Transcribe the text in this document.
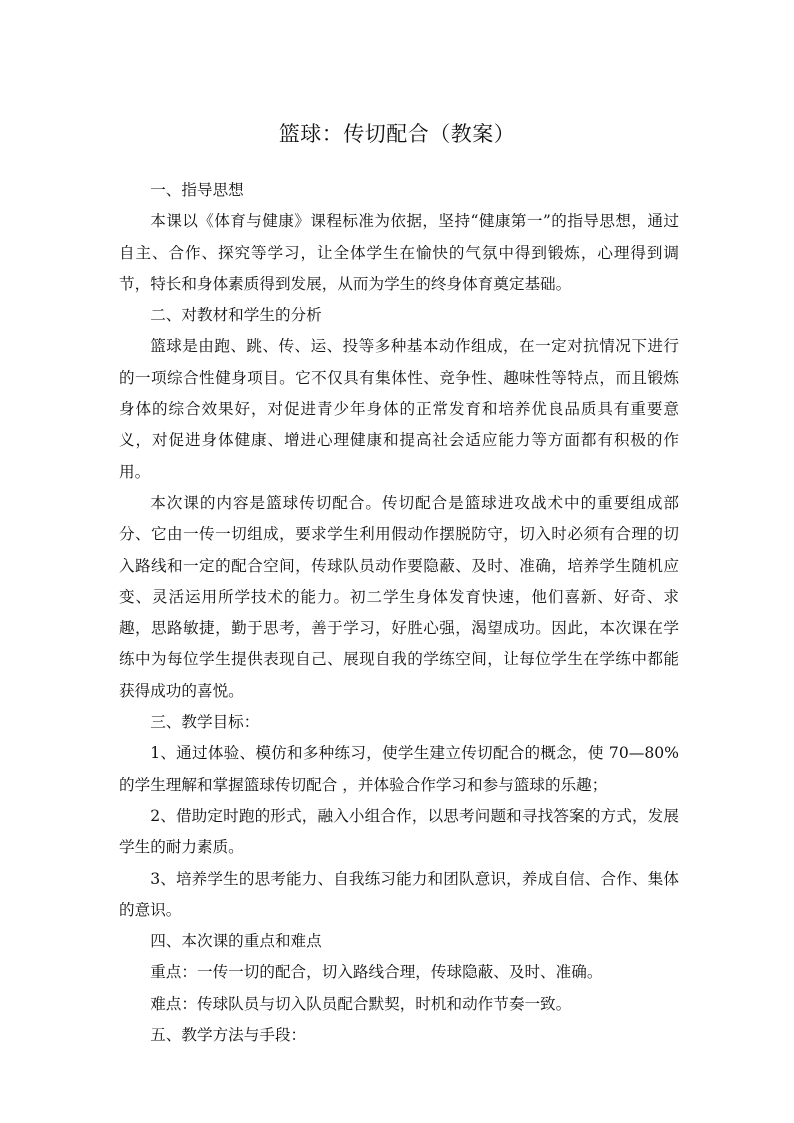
篮球：传切配合（教案）

一、指导思想

本课以《体育与健康》课程标准为依据，坚持“健康第一”的指导思想，通过自主、合作、探究等学习，让全体学生在愉快的气氛中得到锻炼，心理得到调节，特长和身体素质得到发展，从而为学生的终身体育奠定基础。

二、对教材和学生的分析

篮球是由跑、跳、传、运、投等多种基本动作组成，在一定对抗情况下进行的一项综合性健身项目。它不仅具有集体性、竞争性、趣味性等特点，而且锻炼身体的综合效果好，对促进青少年身体的正常发育和培养优良品质具有重要意义，对促进身体健康、增进心理健康和提高社会适应能力等方面都有积极的作用。

本次课的内容是篮球传切配合。传切配合是篮球进攻战术中的重要组成部分、它由一传一切组成，要求学生利用假动作摆脱防守，切入时必须有合理的切入路线和一定的配合空间，传球队员动作要隐蔽、及时、准确，培养学生随机应变、灵活运用所学技术的能力。初二学生身体发育快速，他们喜新、好奇、求趣，思路敏捷，勤于思考，善于学习，好胜心强，渴望成功。因此，本次课在学练中为每位学生提供表现自己、展现自我的学练空间，让每位学生在学练中都能获得成功的喜悦。

三、教学目标：

1、通过体验、模仿和多种练习，使学生建立传切配合的概念，使 70—80%的学生理解和掌握篮球传切配合 ，并体验合作学习和参与篮球的乐趣；

2、借助定时跑的形式，融入小组合作，以思考问题和寻找答案的方式，发展学生的耐力素质。

3、培养学生的思考能力、自我练习能力和团队意识，养成自信、合作、集体的意识。

四、本次课的重点和难点

重点：一传一切的配合，切入路线合理，传球隐蔽、及时、准确。

难点：传球队员与切入队员配合默契，时机和动作节奏一致。

五、教学方法与手段：
